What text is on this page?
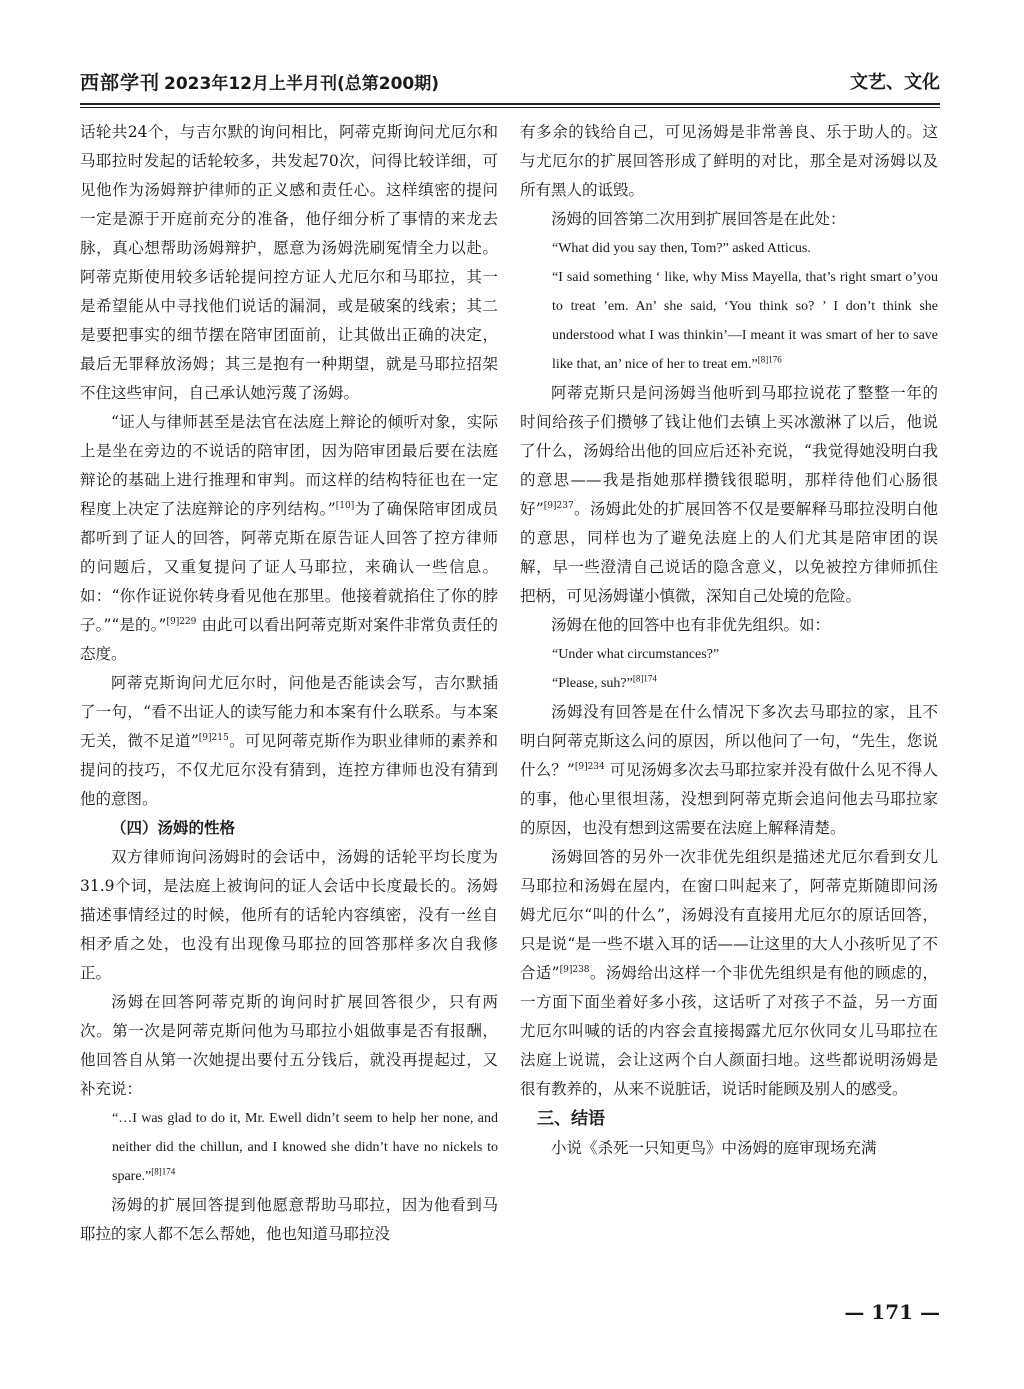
西部学刊 2023年12月上半月刊(总第200期)	文艺、文化

话轮共24个，与吉尔默的询问相比，阿蒂克斯询问尤厄尔和马耶拉时发起的话轮较多，共发起70次，问得比较详细，可见他作为汤姆辩护律师的正义感和责任心。这样缜密的提问一定是源于开庭前充分的准备，他仔细分析了事情的来龙去脉，真心想帮助汤姆辩护，愿意为汤姆洗刷冤情全力以赴。阿蒂克斯使用较多话轮提问控方证人尤厄尔和马耶拉，其一是希望能从中寻找他们说话的漏洞，或是破案的线索；其二是要把事实的细节摆在陪审团面前，让其做出正确的决定，最后无罪释放汤姆；其三是抱有一种期望，就是马耶拉招架不住这些审问，自己承认她污蔑了汤姆。

“证人与律师甚至是法官在法庭上辩论的倾听对象，实际上是坐在旁边的不说话的陪审团，因为陪审团最后要在法庭辩论的基础上进行推理和审判。而这样的结构特征也在一定程度上决定了法庭辩论的序列结构。”[10]为了确保陪审团成员都听到了证人的回答，阿蒂克斯在原告证人回答了控方律师的问题后，又重复提问了证人马耶拉，来确认一些信息。如：“你作证说你转身看见他在那里。他接着就掐住了你的脖子。”“是的。”$^{[9]229}$ 由此可以看出阿蒂克斯对案件非常负责任的态度。

阿蒂克斯询问尤厄尔时，问他是否能读会写，吉尔默插了一句，“看不出证人的读写能力和本案有什么联系。与本案无关，微不足道”$^{[9]215}$。可见阿蒂克斯作为职业律师的素养和提问的技巧，不仅尤厄尔没有猜到，连控方律师也没有猜到他的意图。

（四）汤姆的性格

双方律师询问汤姆时的会话中，汤姆的话轮平均长度为31.9个词，是法庭上被询问的证人会话中长度最长的。汤姆描述事情经过的时候，他所有的话轮内容缜密，没有一丝自相矛盾之处，也没有出现像马耶拉的回答那样多次自我修正。

汤姆在回答阿蒂克斯的询问时扩展回答很少，只有两次。第一次是阿蒂克斯问他为马耶拉小姐做事是否有报酬，他回答自从第一次她提出要付五分钱后，就没再提起过，又补充说：

“…I was glad to do it, Mr. Ewell didn’t seem to help her none, and neither did the chillun, and I knowed she didn’t have no nickels to spare.”$^{[8]174}$

汤姆的扩展回答提到他愿意帮助马耶拉，因为他看到马耶拉的家人都不怎么帮她，他也知道马耶拉没

有多余的钱给自己，可见汤姆是非常善良、乐于助人的。这与尤厄尔的扩展回答形成了鲜明的对比，那全是对汤姆以及所有黑人的诋毁。

汤姆的回答第二次用到扩展回答是在此处：

“What did you say then, Tom?” asked Atticus.

“I said something ‘ like, why Miss Mayella, that’s right smart o’you to treat ’em. An’ she said, ‘You think so? ’ I don’t think she understood what I was thinkin’—I meant it was smart of her to save like that, an’ nice of her to treat em.”$^{[8]176}$

阿蒂克斯只是问汤姆当他听到马耶拉说花了整整一年的时间给孩子们攒够了钱让他们去镇上买冰激淋了以后，他说了什么，汤姆给出他的回应后还补充说，“我觉得她没明白我的意思——我是指她那样攒钱很聪明，那样待他们心肠很好”$^{[9]237}$。汤姆此处的扩展回答不仅是要解释马耶拉没明白他的意思，同样也为了避免法庭上的人们尤其是陪审团的误解，早一些澄清自己说话的隐含意义，以免被控方律师抓住把柄，可见汤姆谨小慎微，深知自己处境的危险。

汤姆在他的回答中也有非优先组织。如：

“Under what circumstances?”

“Please, suh?”$^{[8]174}$

汤姆没有回答是在什么情况下多次去马耶拉的家，且不明白阿蒂克斯这么问的原因，所以他问了一句，“先生，您说什么？”$^{[9]234}$ 可见汤姆多次去马耶拉家并没有做什么见不得人的事，他心里很坦荡，没想到阿蒂克斯会追问他去马耶拉家的原因，也没有想到这需要在法庭上解释清楚。

汤姆回答的另外一次非优先组织是描述尤厄尔看到女儿马耶拉和汤姆在屋内，在窗口叫起来了，阿蒂克斯随即问汤姆尤厄尔“叫的什么”，汤姆没有直接用尤厄尔的原话回答，只是说“是一些不堪入耳的话——让这里的大人小孩听见了不合适”$^{[9]238}$。汤姆给出这样一个非优先组织是有他的顾虑的，一方面下面坐着好多小孩，这话听了对孩子不益，另一方面尤厄尔叫喊的话的内容会直接揭露尤厄尔伙同女儿马耶拉在法庭上说谎，会让这两个白人颜面扫地。这些都说明汤姆是很有教养的，从来不说脏话，说话时能顾及别人的感受。

三、结语

小说《杀死一只知更鸟》中汤姆的庭审现场充满

— 171 —
